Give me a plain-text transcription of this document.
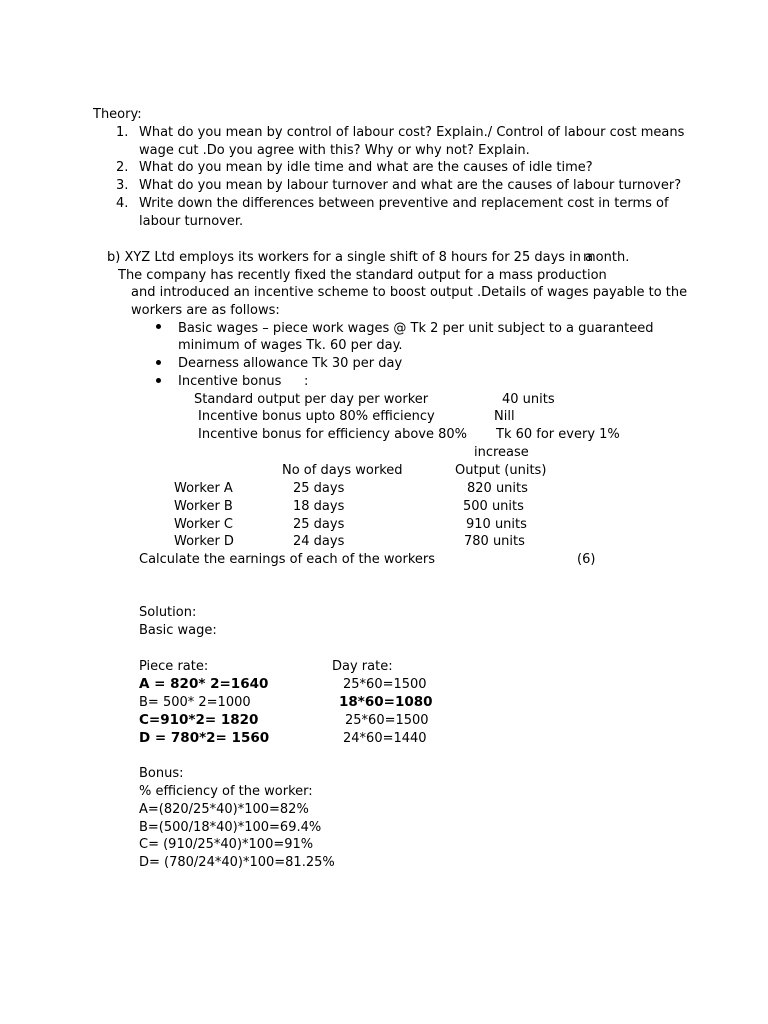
Theory:
1. What do you mean by control of labour cost? Explain./ Control of labour cost means
wage cut .Do you agree with this? Why or why not? Explain.
2. What do you mean by idle time and what are the causes of idle time?
3. What do you mean by labour turnover and what are the causes of labour turnover?
4. Write down the differences between preventive and replacement cost in terms of
labour turnover.
b) XYZ Ltd employs its workers for a single shift of 8 hours for 25 days in a
month.
The company has recently fixed the standard output for a mass production
and introduced an incentive scheme to boost output .Details of wages payable to the
workers are as follows:
Basic wages – piece work wages @ Tk 2 per unit subject to a guaranteed
minimum of wages Tk. 60 per day.
Dearness allowance Tk 30 per day
Incentive bonus :
Standard output per day per worker	40 units
Incentive bonus upto 80% efficiency	Nill
Incentive bonus for efficiency above 80% Tk 60 for every 1%
increase
No of days worked	Output (units)
Worker A	25 days	820 units
Worker B	18 days	500 units
Worker C	25 days	910 units
Worker D	24 days	780 units
Calculate the earnings of each of the workers	(6)
Solution:
Basic wage:
Piece rate:	Day rate:
A = 820* 2=1640	25*60=1500
B= 500* 2=1000	18*60=1080
C=910*2= 1820	25*60=1500
D = 780*2= 1560	24*60=1440
Bonus:
% efficiency of the worker:
A=(820/25*40)*100=82%
B=(500/18*40)*100=69.4%
C= (910/25*40)*100=91%
D= (780/24*40)*100=81.25%
